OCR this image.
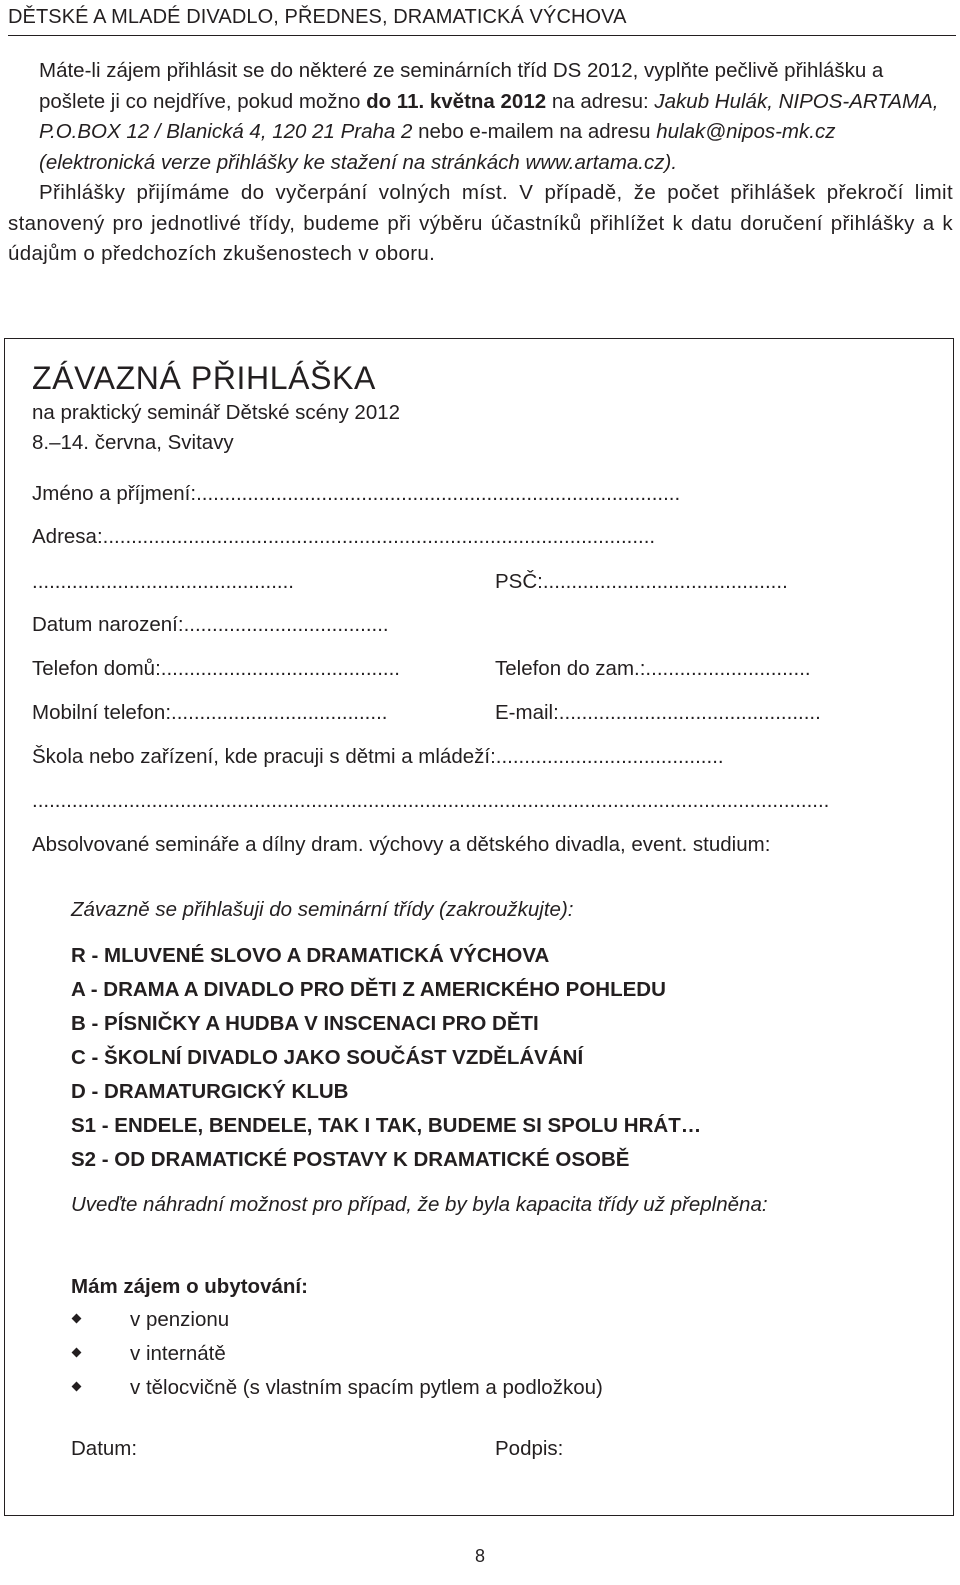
DĚTSKÉ A MLADÉ DIVADLO, PŘEDNES, DRAMATICKÁ VÝCHOVA

Máte-li zájem přihlásit se do některé ze seminárních tříd DS 2012, vyplňte pečlivě přihlášku a pošlete ji co nejdříve, pokud možno do 11. května 2012 na adresu: Jakub Hulák, NIPOS-ARTAMA, P.O.BOX 12 / Blanická 4, 120 21 Praha 2 nebo e-mailem na adresu hulak@nipos-mk.cz (elektronická verze přihlášky ke stažení na stránkách www.artama.cz).

Přihlášky přijímáme do vyčerpání volných míst. V případě, že počet přihlášek překročí limit stanovený pro jednotlivé třídy, budeme při výběru účastníků přihlížet k datu doručení přihlášky a k údajům o předchozích zkušenostech v oboru.

ZÁVAZNÁ PŘIHLÁŠKA
na praktický seminář Dětské scény 2012
8.–14. června, Svitavy
Jméno a příjmení:.....................................................................................
Adresa:.................................................................................................
..............................................	PSČ:...........................................
Datum narození:....................................
Telefon domů:..........................................	Telefon do zam.:.............................
Mobilní telefon:......................................	E-mail:..............................................
Škola nebo zařízení, kde pracuji s dětmi a mládeží:........................................
............................................................................................................................................
Absolvované semináře a dílny dram. výchovy a dětského divadla, event. studium:
Závazně se přihlašuji do seminární třídy (zakroužkujte):
R - MLUVENÉ SLOVO A DRAMATICKÁ VÝCHOVA
A - DRAMA A DIVADLO PRO DĚTI Z AMERICKÉHO POHLEDU
B - PÍSNIČKY A HUDBA V INSCENACI PRO DĚTI
C - ŠKOLNÍ DIVADLO JAKO SOUČÁST VZDĚLÁVÁNÍ
D - DRAMATURGICKÝ KLUB
S1 - ENDELE, BENDELE, TAK I TAK, BUDEME SI SPOLU HRÁT…
S2 - OD DRAMATICKÉ POSTAVY K DRAMATICKÉ OSOBĚ
Uveďte náhradní možnost pro případ, že by byla kapacita třídy už přeplněna:
Mám zájem o ubytování:
v penzionu
v internátě
v tělocvičně (s vlastním spacím pytlem a podložkou)
Datum:	Podpis:
8
